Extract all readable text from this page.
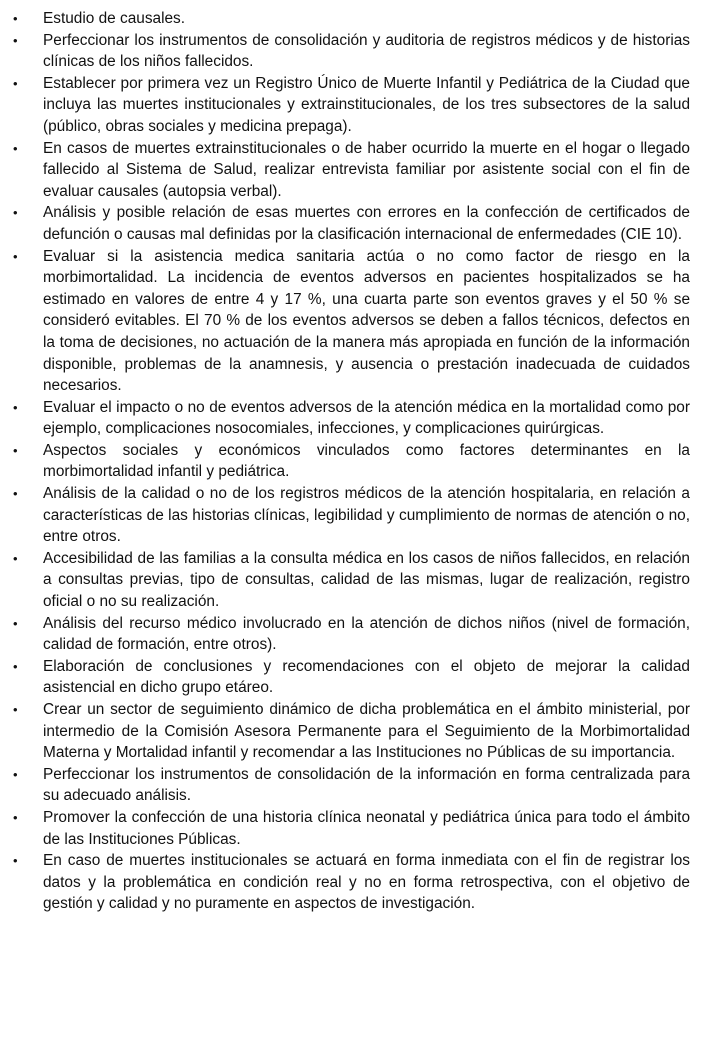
•	Estudio de causales.
•	Perfeccionar los instrumentos de consolidación y auditoria de registros médicos y de historias clínicas de los niños fallecidos.
•	Establecer por primera vez un Registro Único de Muerte Infantil y Pediátrica de la Ciudad que incluya las muertes institucionales y extrainstitucionales, de los tres subsectores de la salud (público, obras sociales y medicina prepaga).
•	En casos de muertes extrainstitucionales o de haber ocurrido la muerte en el hogar o llegado fallecido al Sistema de Salud, realizar entrevista familiar por asistente social con el fin de evaluar causales (autopsia verbal).
•	Análisis y posible relación de esas muertes con errores en la confección de certificados de defunción o causas mal definidas por la clasificación internacional de enfermedades (CIE 10).
•	Evaluar si la asistencia medica sanitaria actúa o no como factor de riesgo en la morbimortalidad. La incidencia de eventos adversos en pacientes hospitalizados se ha estimado en valores de entre 4 y 17 %, una cuarta parte son eventos graves y el 50 % se consideró evitables. El 70 % de los eventos adversos se deben a fallos técnicos, defectos en la toma de decisiones, no actuación de la manera más apropiada en función de la información disponible, problemas de la anamnesis, y ausencia o prestación inadecuada de cuidados necesarios.
•	Evaluar el impacto o no de eventos adversos de la atención médica en la mortalidad como por ejemplo, complicaciones nosocomiales, infecciones, y complicaciones quirúrgicas.
•	Aspectos sociales y económicos vinculados como factores determinantes en la morbimortalidad infantil y pediátrica.
•	Análisis de la calidad o no de los registros médicos de la atención hospitalaria, en relación a características de las historias clínicas, legibilidad y cumplimiento de normas de atención o no, entre otros.
•	Accesibilidad de las familias a la consulta médica en los casos de niños fallecidos, en relación a consultas previas, tipo de consultas, calidad de las mismas, lugar de realización, registro oficial o no su realización.
•	Análisis del recurso médico involucrado en la atención de dichos niños (nivel de formación, calidad de formación, entre otros).
•	Elaboración de conclusiones y recomendaciones con el objeto de mejorar la calidad asistencial en dicho grupo etáreo.
•	Crear un sector de seguimiento dinámico de dicha problemática en el ámbito ministerial, por intermedio de la Comisión Asesora Permanente para el Seguimiento de la Morbimortalidad Materna y Mortalidad infantil y recomendar a las Instituciones no Públicas de su importancia.
•	Perfeccionar los instrumentos de consolidación de la información en forma centralizada para su adecuado análisis.
•	Promover la confección de una historia clínica neonatal y pediátrica única para todo el ámbito de las Instituciones Públicas.
•	En caso de muertes institucionales se actuará en forma inmediata con el fin de registrar los datos y la problemática en condición real y no en forma retrospectiva, con el objetivo de gestión y calidad y no puramente en aspectos de investigación.
